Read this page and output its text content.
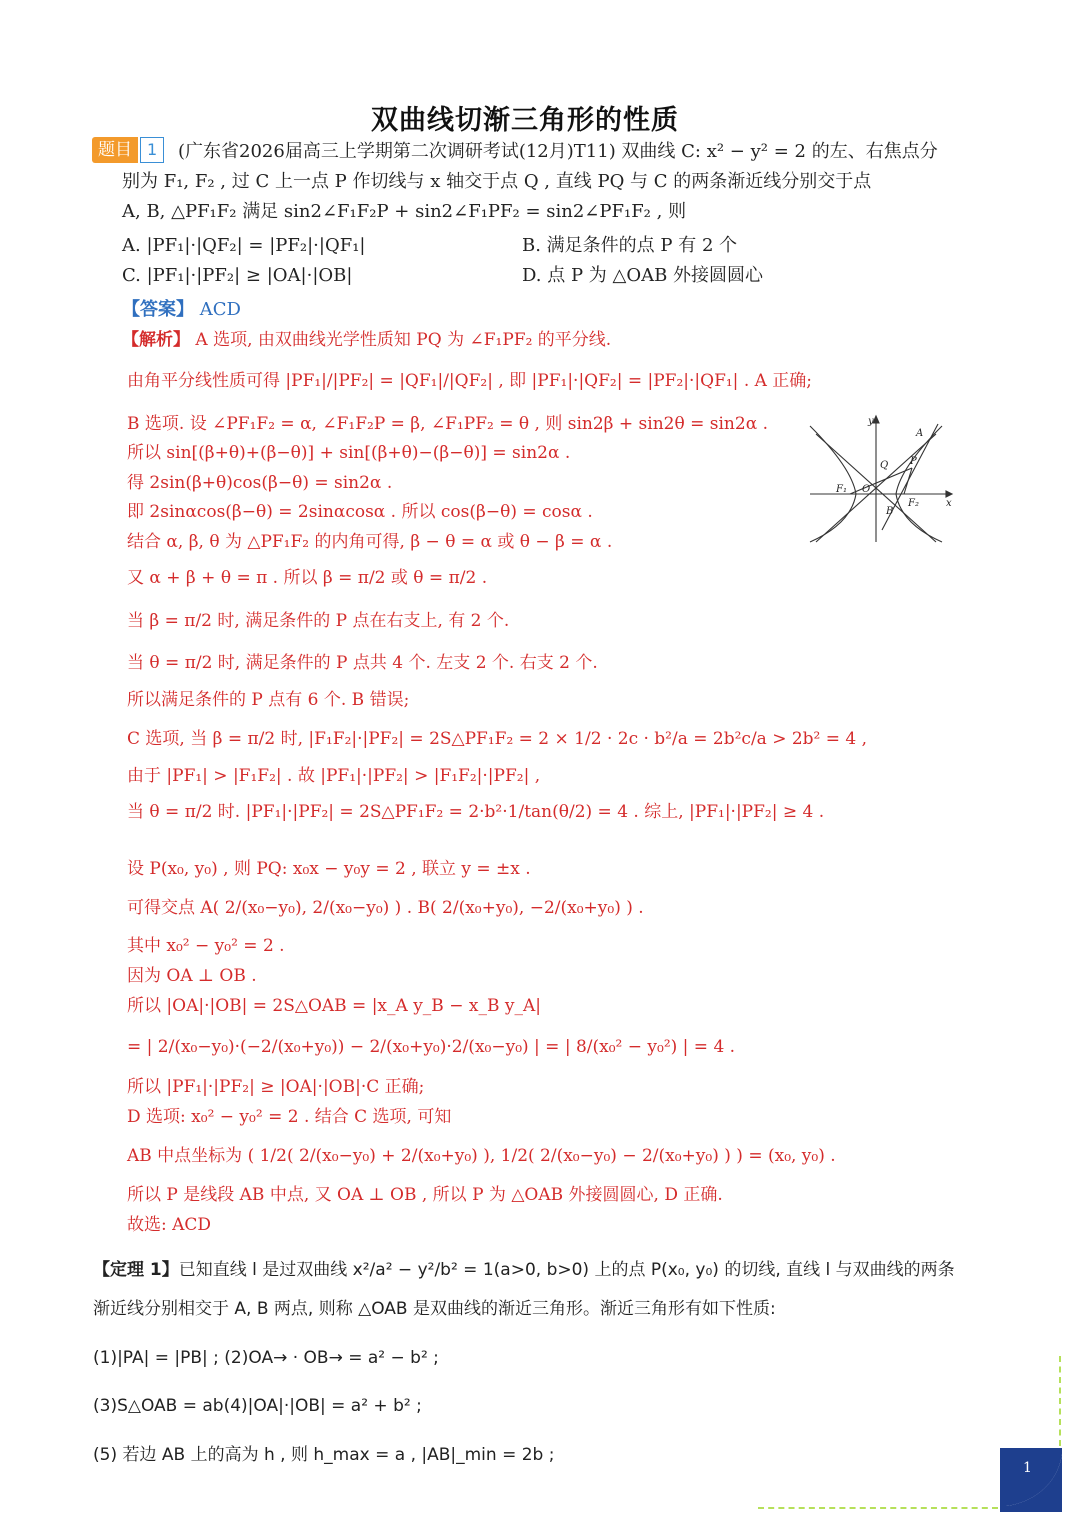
双曲线切渐三角形的性质
题目 1	(广东省2026届高三上学期第二次调研考试(12月)T11) 双曲线 C: x² − y² = 2 的左、右焦点分
别为 F₁, F₂ , 过 C 上一点 P 作切线与 x 轴交于点 Q , 直线 PQ 与 C 的两条渐近线分别交于点
A, B, △PF₁F₂ 满足 sin2∠F₁F₂P + sin2∠F₁PF₂ = sin2∠PF₁F₂ , 则
A. |PF₁|·|QF₂| = |PF₂|·|QF₁|	B. 满足条件的点 P 有 2 个
C. |PF₁|·|PF₂| ≥ |OA|·|OB|	D. 点 P 为 △OAB 外接圆圆心
【答案】 ACD
【解析】 A 选项, 由双曲线光学性质知 PQ 为 ∠F₁PF₂ 的平分线.
由角平分线性质可得 |PF₁|/|PF₂| = |QF₁|/|QF₂| , 即 |PF₁|·|QF₂| = |PF₂|·|QF₁| . A 正确;
B 选项. 设 ∠PF₁F₂ = α, ∠F₁F₂P = β, ∠F₁PF₂ = θ , 则 sin2β + sin2θ = sin2α .
所以 sin[(β+θ)+(β−θ)] + sin[(β+θ)−(β−θ)] = sin2α .
得 2sin(β+θ)cos(β−θ) = sin2α .
即 2sinαcos(β−θ) = 2sinαcosα . 所以 cos(β−θ) = cosα .
结合 α, β, θ 为 △PF₁F₂ 的内角可得, β − θ = α 或 θ − β = α .
又 α + β + θ = π . 所以 β = π/2 或 θ = π/2 .
当 β = π/2 时, 满足条件的 P 点在右支上, 有 2 个.
当 θ = π/2 时, 满足条件的 P 点共 4 个. 左支 2 个. 右支 2 个.
所以满足条件的 P 点有 6 个. B 错误;
C 选项, 当 β = π/2 时, |F₁F₂|·|PF₂| = 2S△PF₁F₂ = 2 × 1/2 · 2c · b²/a = 2b²c/a > 2b² = 4 ,
由于 |PF₁| > |F₁F₂| . 故 |PF₁|·|PF₂| > |F₁F₂|·|PF₂| ,
当 θ = π/2 时. |PF₁|·|PF₂| = 2S△PF₁F₂ = 2·b²·1/tan(θ/2) = 4 . 综上, |PF₁|·|PF₂| ≥ 4 .
设 P(x₀, y₀) , 则 PQ: x₀x − y₀y = 2 , 联立 y = ±x .
可得交点 A( 2/(x₀−y₀), 2/(x₀−y₀) ) . B( 2/(x₀+y₀), −2/(x₀+y₀) ) .
其中 x₀² − y₀² = 2 .
因为 OA ⊥ OB .
所以 |OA|·|OB| = 2S△OAB = |x_A y_B − x_B y_A|
= | 2/(x₀−y₀)·(−2/(x₀+y₀)) − 2/(x₀+y₀)·2/(x₀−y₀) | = | 8/(x₀² − y₀²) | = 4 .
所以 |PF₁|·|PF₂| ≥ |OA|·|OB|·C 正确;
D 选项: x₀² − y₀² = 2 . 结合 C 选项, 可知
AB 中点坐标为 ( 1/2( 2/(x₀−y₀) + 2/(x₀+y₀) ), 1/2( 2/(x₀−y₀) − 2/(x₀+y₀) ) ) = (x₀, y₀) .
所以 P 是线段 AB 中点, 又 OA ⊥ OB , 所以 P 为 △OAB 外接圆圆心, D 正确.
故选: ACD
y
A
Q P
F₁ O
F₂	x
B
【定理 1】已知直线 l 是过双曲线 x²/a² − y²/b² = 1(a>0, b>0) 上的点 P(x₀, y₀) 的切线, 直线 l 与双曲线的两条
渐近线分别相交于 A, B 两点, 则称 △OAB 是双曲线的渐近三角形。渐近三角形有如下性质:
(1)|PA| = |PB| ; (2)OA→ · OB→ = a² − b² ;
(3)S△OAB = ab(4)|OA|·|OB| = a² + b² ;
(5) 若边 AB 上的高为 h , 则 h_max = a , |AB|_min = 2b ;
1
